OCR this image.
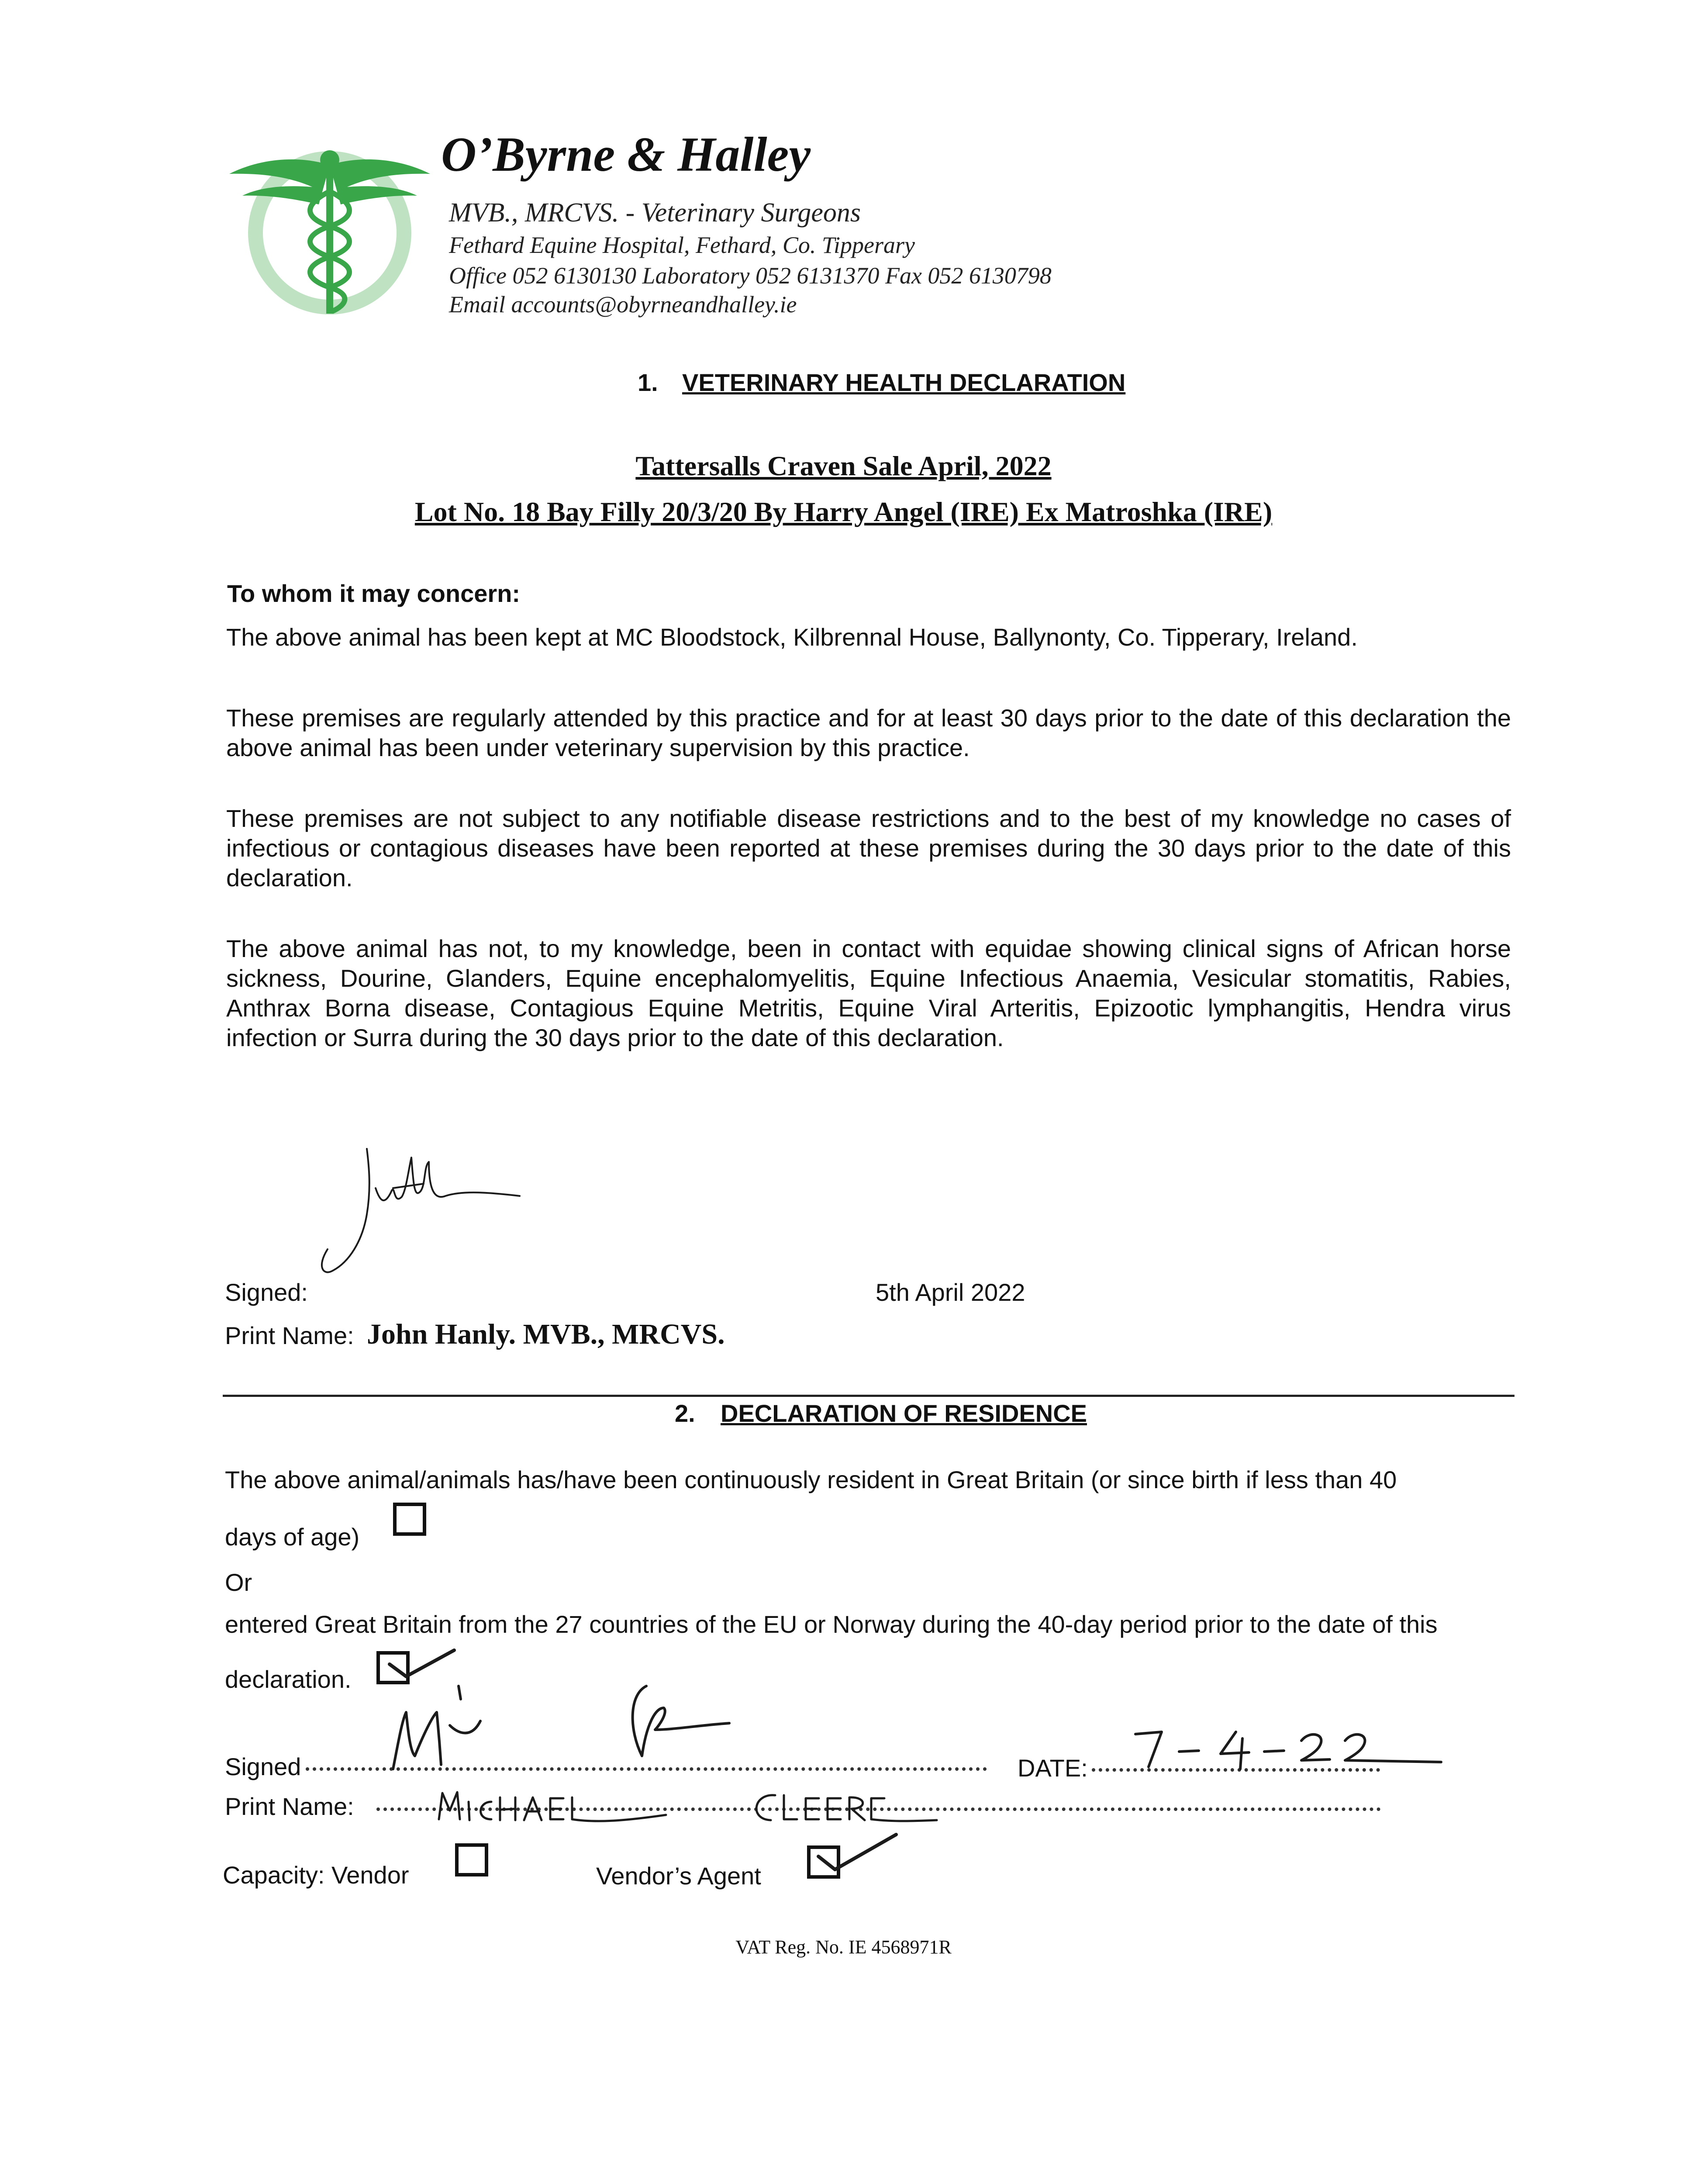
O’Byrne & Halley
MVB., MRCVS. - Veterinary Surgeons
Fethard Equine Hospital, Fethard, Co. Tipperary
Office 052 6130130 Laboratory 052 6131370 Fax 052 6130798
Email accounts@obyrneandhalley.ie
1. VETERINARY HEALTH DECLARATION
Tattersalls Craven Sale April, 2022
Lot No. 18 Bay Filly 20/3/20 By Harry Angel (IRE) Ex Matroshka (IRE)
To whom it may concern:
The above animal has been kept at MC Bloodstock, Kilbrennal House, Ballynonty, Co. Tipperary, Ireland.
These premises are regularly attended by this practice and for at least 30 days prior to the date of this declaration the above animal has been under veterinary supervision by this practice.
These premises are not subject to any notifiable disease restrictions and to the best of my knowledge no cases of infectious or contagious diseases have been reported at these premises during the 30 days prior to the date of this declaration.
The above animal has not, to my knowledge, been in contact with equidae showing clinical signs of African horse sickness, Dourine, Glanders, Equine encephalomyelitis, Equine Infectious Anaemia, Vesicular stomatitis, Rabies, Anthrax Borna disease, Contagious Equine Metritis, Equine Viral Arteritis, Epizootic lymphangitis, Hendra virus infection or Surra during the 30 days prior to the date of this declaration.
Signed:	5th April 2022
Print Name: John Hanly. MVB., MRCVS.
2. DECLARATION OF RESIDENCE
The above animal/animals has/have been continuously resident in Great Britain (or since birth if less than 40
days of age)
Or
entered Great Britain from the 27 countries of the EU or Norway during the 40-day period prior to the date of this
declaration.
Signed	DATE:
Print Name:
Capacity: Vendor	Vendor’s Agent
VAT Reg. No. IE 4568971R
